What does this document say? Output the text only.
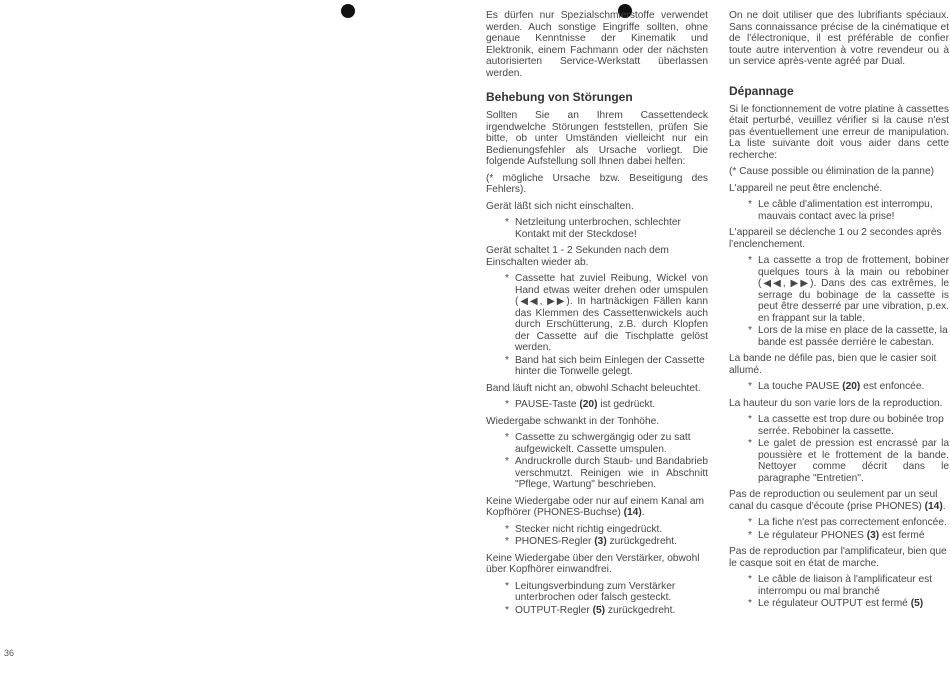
36

Es dürfen nur Spezialschmierstoffe verwendet werden. Auch sonstige Eingriffe sollten, ohne genaue Kenntnisse der Kinematik und Elektronik, einem Fachmann oder der nächsten autorisierten Service-Werkstatt überlassen werden.

Behebung von Störungen

Sollten Sie an Ihrem Cassettendeck irgendwelche Störungen feststellen, prüfen Sie bitte, ob unter Umständen vielleicht nur ein Bedienungsfehler als Ursache vorliegt. Die folgende Aufstellung soll Ihnen dabei helfen:

(* mögliche Ursache bzw. Beseitigung des Fehlers).

Gerät läßt sich nicht einschalten.

* Netzleitung unterbrochen, schlechter Kontakt mit der Steckdose!

Gerät schaltet 1 - 2 Sekunden nach dem Einschalten wieder ab.

* Cassette hat zuviel Reibung, Wickel von Hand etwas weiter drehen oder umspulen (◀◀, ▶▶). In hartnäckigen Fällen kann das Klemmen des Cassettenwickels auch durch Erschütterung, z.B. durch Klopfen der Cassette auf die Tischplatte gelöst werden.
* Band hat sich beim Einlegen der Cassette hinter die Tonwelle gelegt.

Band läuft nicht an, obwohl Schacht beleuchtet.

* PAUSE-Taste (20) ist gedrückt.

Wiedergabe schwankt in der Tonhöhe.

* Cassette zu schwergängig oder zu satt aufgewickelt. Cassette umspulen.
* Andruckrolle durch Staub- und Bandabrieb verschmutzt. Reinigen wie in Abschnitt "Pflege, Wartung" beschrieben.

Keine Wiedergabe oder nur auf einem Kanal am Kopfhörer (PHONES-Buchse) (14).

* Stecker nicht richtig eingedrückt.
* PHONES-Regler (3) zurückgedreht.

Keine Wiedergabe über den Verstärker, obwohl über Kopfhörer einwandfrei.

* Leitungsverbindung zum Verstärker unterbrochen oder falsch gesteckt.
* OUTPUT-Regler (5) zurückgedreht.

On ne doit utiliser que des lubrifiants spéciaux. Sans connaissance précise de la cinématique et de l'électronique, il est préférable de confier toute autre intervention à votre revendeur ou à un service après-vente agréé par Dual.

Dépannage

Si le fonctionnement de votre platine à cassettes était perturbé, veuillez vérifier si la cause n'est pas éventuellement une erreur de manipulation. La liste suivante doit vous aider dans cette recherche:

(* Cause possible ou élimination de la panne)

L'appareil ne peut être enclenché.

* Le câble d'alimentation est interrompu, mauvais contact avec la prise!

L'appareil se déclenche 1 ou 2 secondes après l'enclenchement.

* La cassette a trop de frottement, bobiner quelques tours à la main ou rebobiner (◀◀, ▶▶). Dans des cas extrêmes, le serrage du bobinage de la cassette is peut être desserré par une vibration, p.ex. en frappant sur la table.
* Lors de la mise en place de la cassette, la bande est passée derrière le cabestan.

La bande ne défile pas, bien que le casier soit allumé.

* La touche PAUSE (20) est enfoncée.

La hauteur du son varie lors de la reproduction.

* La cassette est trop dure ou bobinée trop serrée. Rebobiner la cassette.
* Le galet de pression est encrassé par la poussière et le frottement de la bande. Nettoyer comme décrit dans le paragraphe "Entretien".

Pas de reproduction ou seulement par un seul canal du casque d'écoute (prise PHONES) (14).

* La fiche n'est pas correctement enfoncée.
* Le régulateur PHONES (3) est fermé

Pas de reproduction par l'amplificateur, bien que le casque soit en état de marche.

* Le câble de liaison à l'amplificateur est interrompu ou mal branché
* Le régulateur OUTPUT est fermé (5)
